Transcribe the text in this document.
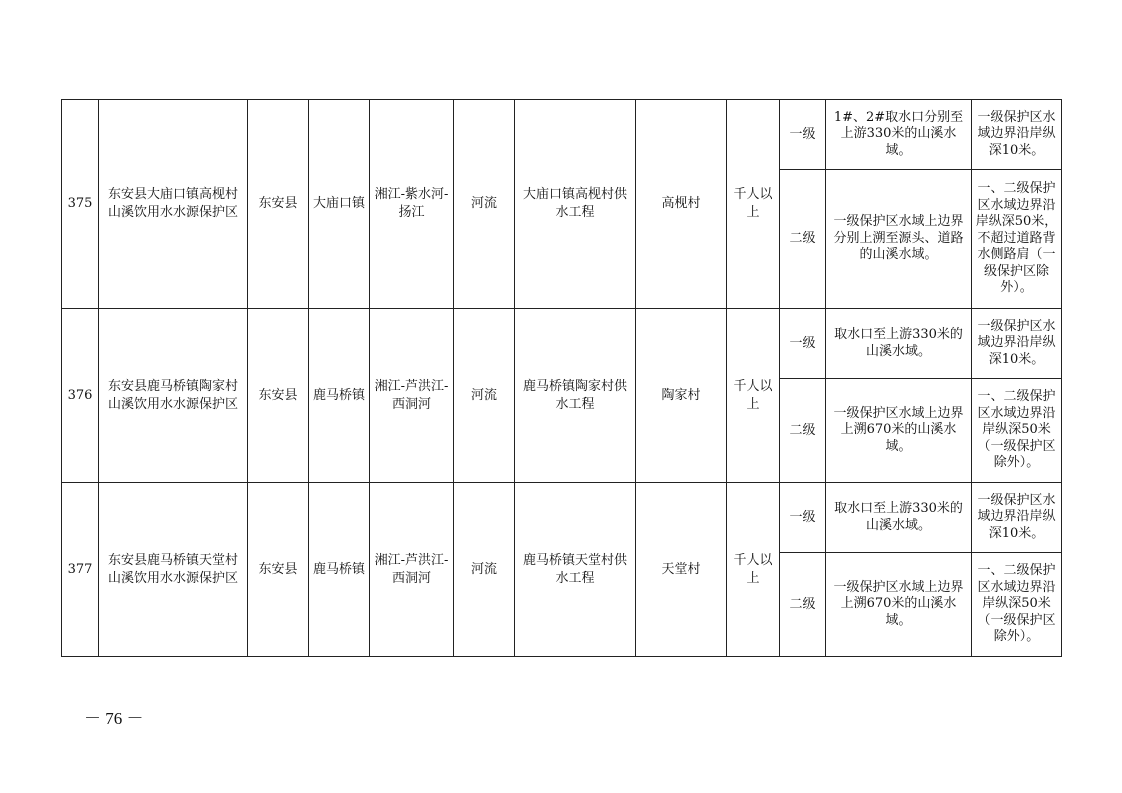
375	东安县大庙口镇高枧村山溪饮用水水源保护区	东安县	大庙口镇	湘江-紫水河-扬江	河流	大庙口镇高枧村供水工程	高枧村	千人以上	一级	1#、2#取水口分别至上游330米的山溪水域。	一级保护区水域边界沿岸纵深10米。
									二级	一级保护区水域上边界分别上溯至源头、道路的山溪水域。	一、二级保护区水域边界沿岸纵深50米，不超过道路背水侧路肩（一级保护区除外）。
376	东安县鹿马桥镇陶家村山溪饮用水水源保护区	东安县	鹿马桥镇	湘江-芦洪江-西洞河	河流	鹿马桥镇陶家村供水工程	陶家村	千人以上	一级	取水口至上游330米的山溪水域。	一级保护区水域边界沿岸纵深10米。
									二级	一级保护区水域上边界上溯670米的山溪水域。	一、二级保护区水域边界沿岸纵深50米（一级保护区除外）。
377	东安县鹿马桥镇天堂村山溪饮用水水源保护区	东安县	鹿马桥镇	湘江-芦洪江-西洞河	河流	鹿马桥镇天堂村供水工程	天堂村	千人以上	一级	取水口至上游330米的山溪水域。	一级保护区水域边界沿岸纵深10米。
									二级	一级保护区水域上边界上溯670米的山溪水域。	一、二级保护区水域边界沿岸纵深50米（一级保护区除外）。
－ 76 －
